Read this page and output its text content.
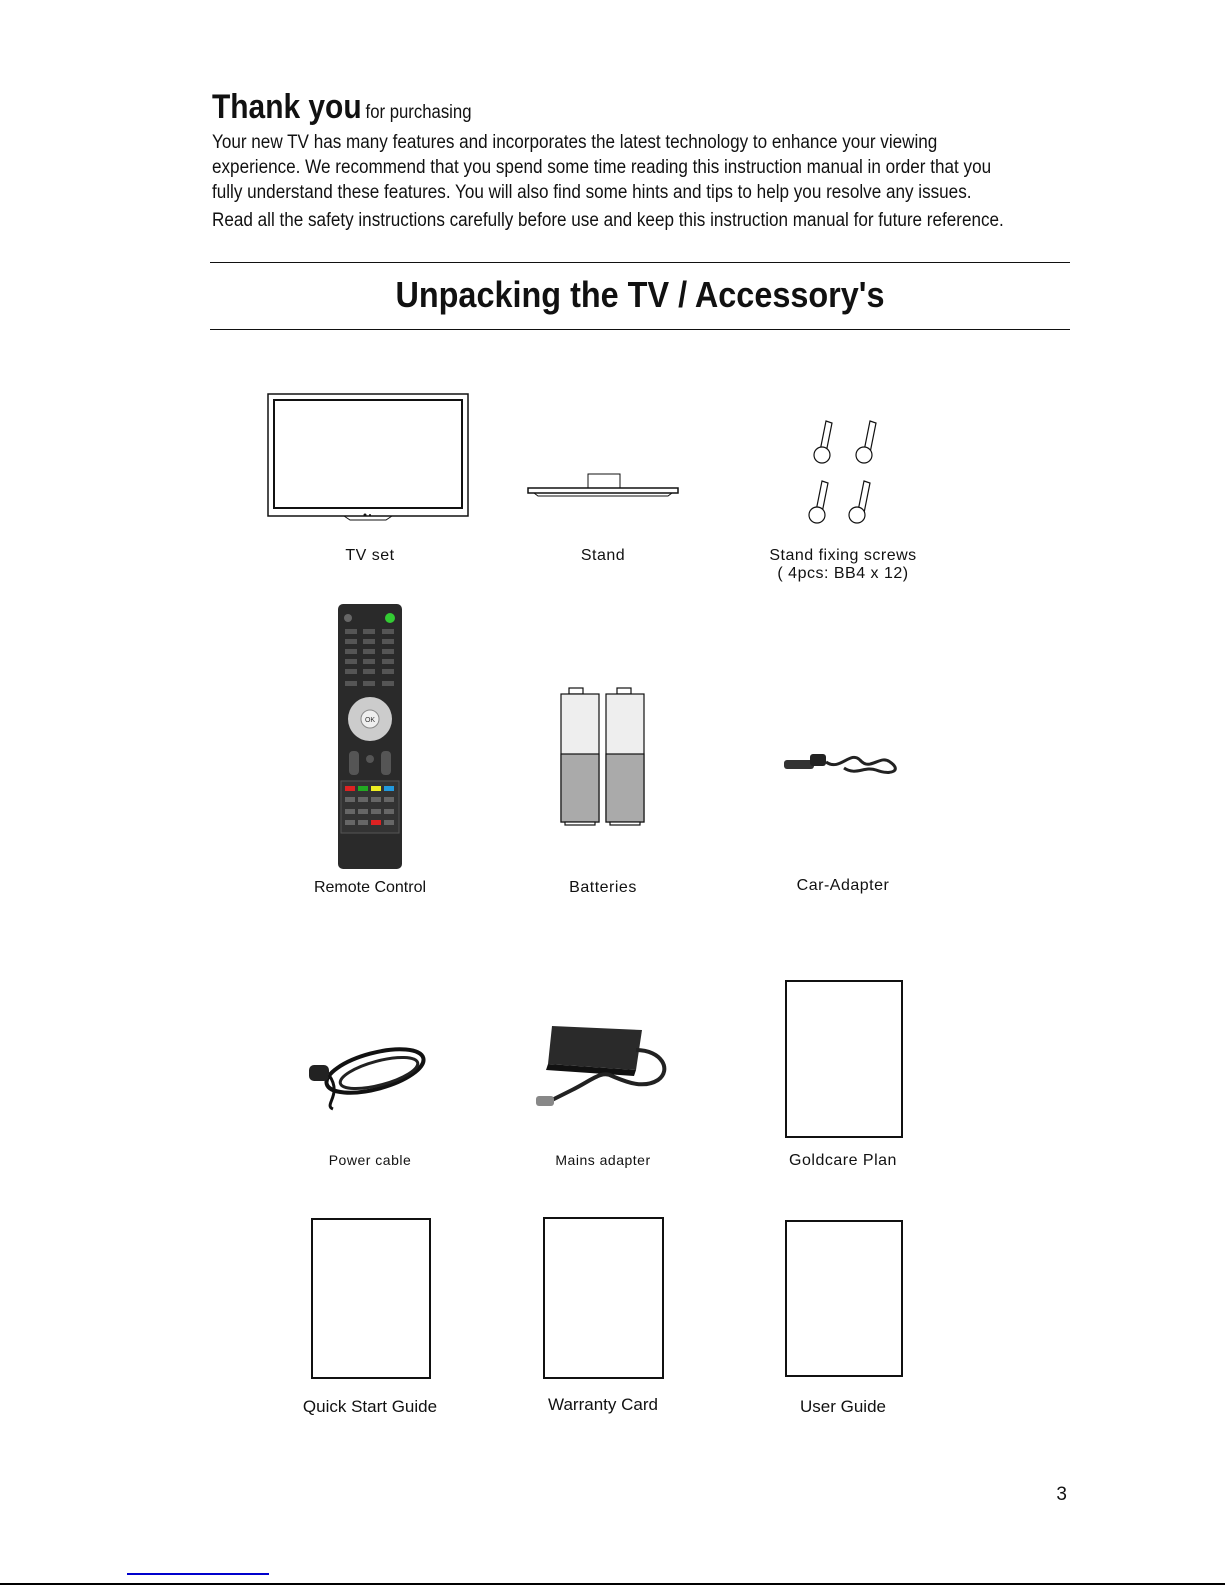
Thank you for purchasing
Your new TV has many features and incorporates the latest technology to enhance your viewing
experience. We recommend that you spend some time reading this instruction manual in order that you
fully understand these features. You will also find some hints and tips to help you resolve any issues.
Read all the safety instructions carefully before use and keep this instruction manual for future reference.
Unpacking the TV / Accessory's
TV set	Stand	Stand fixing screws
( 4pcs: BB4 x 12)
OK
Remote Control	Batteries	Car-Adapter
Power cable	Mains adapter	Goldcare Plan
Quick Start Guide	Warranty Card	User Guide
3
